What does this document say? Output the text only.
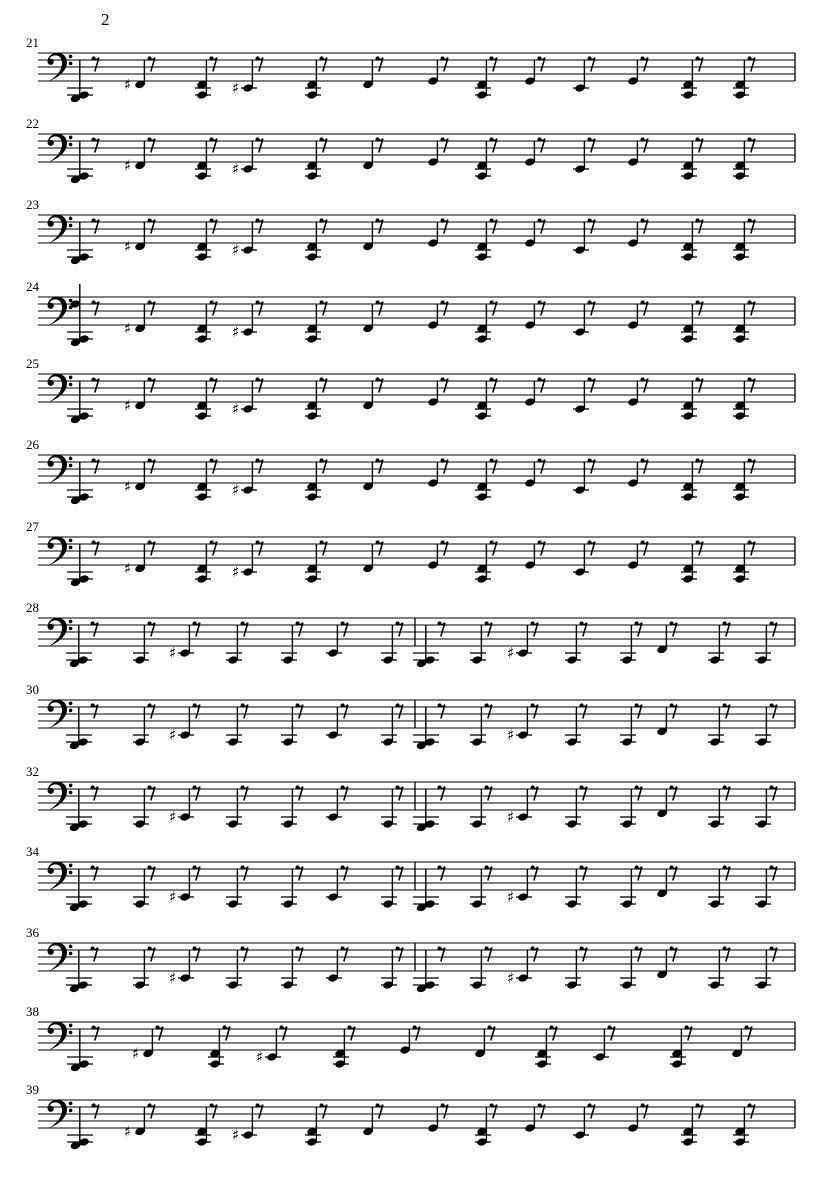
2
♯	♯
♯	♯
♯	♯
♯	♯
♯	♯
♯	♯
♯	♯
♯	♯
♯	♯
♯	♯
♯	♯
♯	♯
♯	♯
♯	♯
21
22
23
24
25
26
27
28
30
32
34
36
38
39
